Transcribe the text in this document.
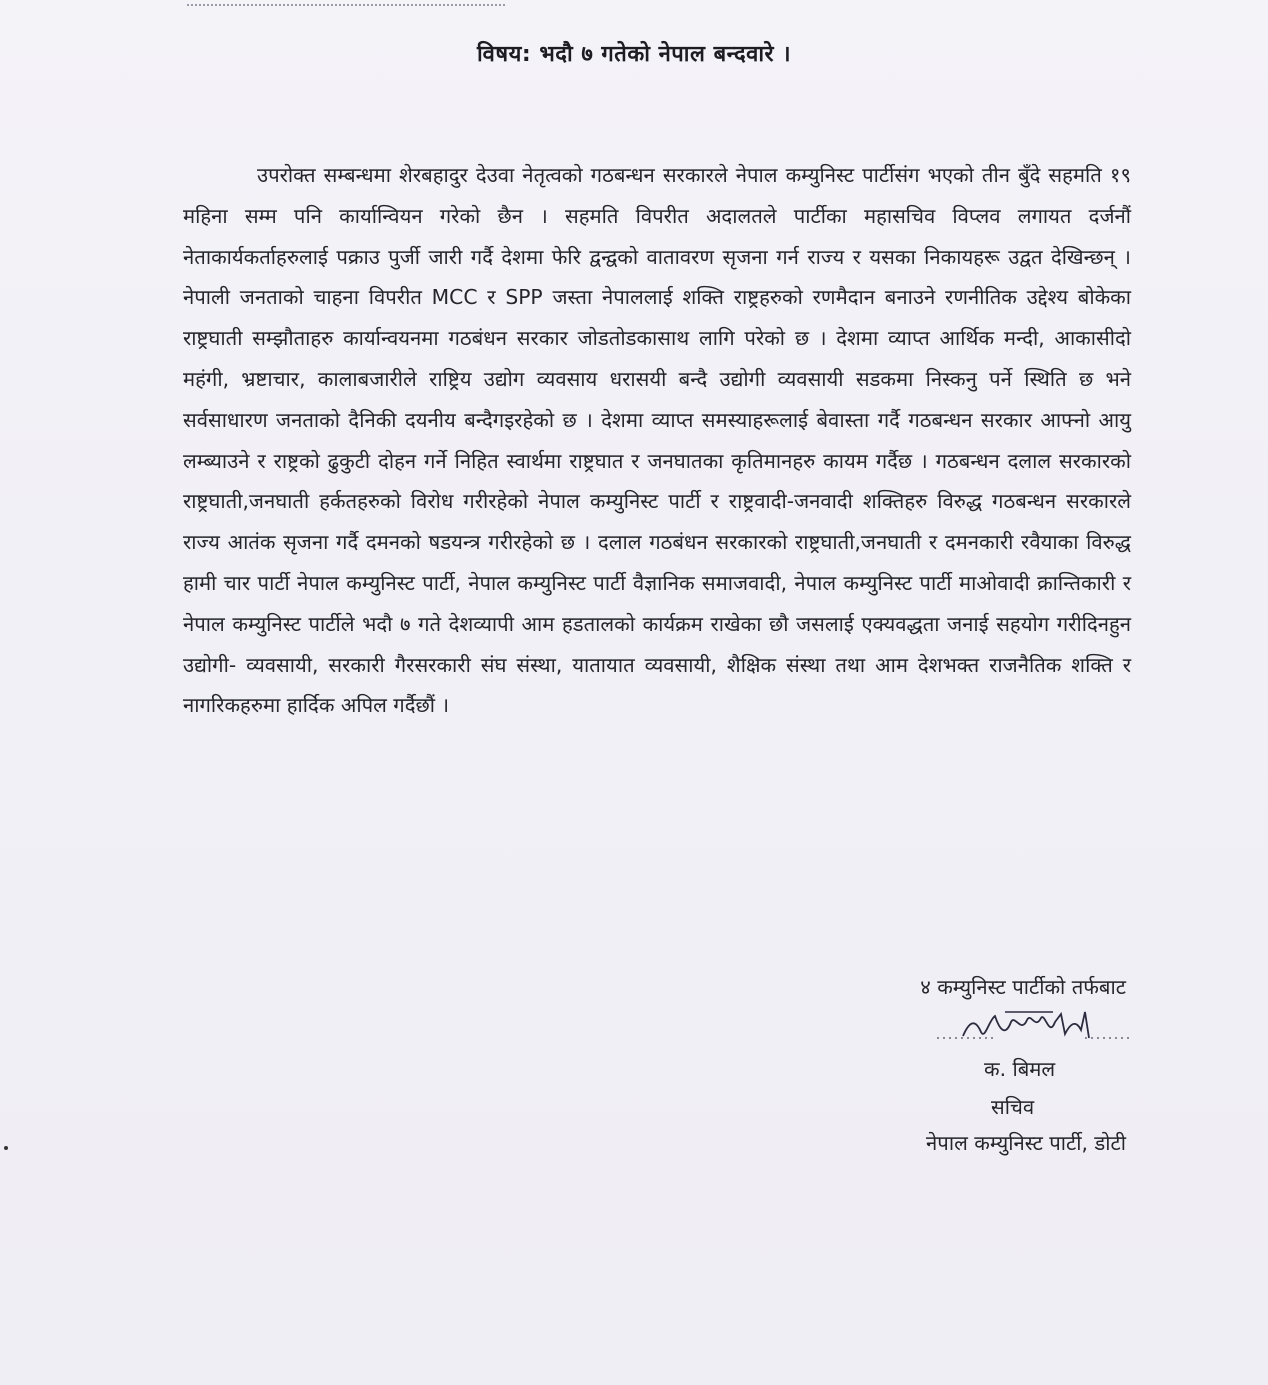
विषय: भदौ ७ गतेको नेपाल बन्दवारे ।

उपरोक्त सम्बन्धमा शेरबहादुर देउवा नेतृत्वको गठबन्धन सरकारले नेपाल कम्युनिस्ट पार्टीसंग भएको तीन बुँदे सहमति १९ महिना सम्म पनि कार्यान्वियन गरेको छैन । सहमति विपरीत अदालतले पार्टीका महासचिव विप्लव लगायत दर्जनौं नेताकार्यकर्ताहरुलाई पक्राउ पुर्जी जारी गर्दै देशमा फेरि द्वन्द्वको वातावरण सृजना गर्न राज्य र यसका निकायहरू उद्वत देखिन्छन् । नेपाली जनताको चाहना विपरीत MCC र SPP जस्ता नेपाललाई शक्ति राष्ट्रहरुको रणमैदान बनाउने रणनीतिक उद्देश्य बोकेका राष्ट्रघाती सम्झौताहरु कार्यान्वयनमा गठबंधन सरकार जोडतोडकासाथ लागि परेको छ । देशमा व्याप्त आर्थिक मन्दी, आकासीदो महंगी, भ्रष्टाचार, कालाबजारीले राष्ट्रिय उद्योग व्यवसाय धरासयी बन्दै उद्योगी व्यवसायी सडकमा निस्कनु पर्ने स्थिति छ भने सर्वसाधारण जनताको दैनिकी दयनीय बन्दैगइरहेको छ । देशमा व्याप्त समस्याहरूलाई बेवास्ता गर्दै गठबन्धन सरकार आफ्नो आयु लम्ब्याउने र राष्ट्रको ढुकुटी दोहन गर्ने निहित स्वार्थमा राष्ट्रघात र जनघातका कृतिमानहरु कायम गर्दैछ । गठबन्धन दलाल सरकारको राष्ट्रघाती,जनघाती हर्कतहरुको विरोध गरीरहेको नेपाल कम्युनिस्ट पार्टी र राष्ट्रवादी-जनवादी शक्तिहरु विरुद्ध गठबन्धन सरकारले राज्य आतंक सृजना गर्दै दमनको षडयन्त्र गरीरहेको छ । दलाल गठबंधन सरकारको राष्ट्रघाती,जनघाती र दमनकारी रवैयाका विरुद्ध हामी चार पार्टी नेपाल कम्युनिस्ट पार्टी, नेपाल कम्युनिस्ट पार्टी वैज्ञानिक समाजवादी, नेपाल कम्युनिस्ट पार्टी माओवादी क्रान्तिकारी र नेपाल कम्युनिस्ट पार्टीले भदौ ७ गते देशव्यापी आम हडतालको कार्यक्रम राखेका छौ जसलाई एक्यवद्धता जनाई सहयोग गरीदिनहुन उद्योगी- व्यवसायी, सरकारी गैरसरकारी संघ संस्था, यातायात व्यवसायी, शैक्षिक संस्था तथा आम देशभक्त राजनैतिक शक्ति र नागरिकहरुमा हार्दिक अपिल गर्दैछौं ।

४ कम्युनिस्ट पार्टीको तर्फबाट
क. बिमल
सचिव
नेपाल कम्युनिस्ट पार्टी, डोटी
